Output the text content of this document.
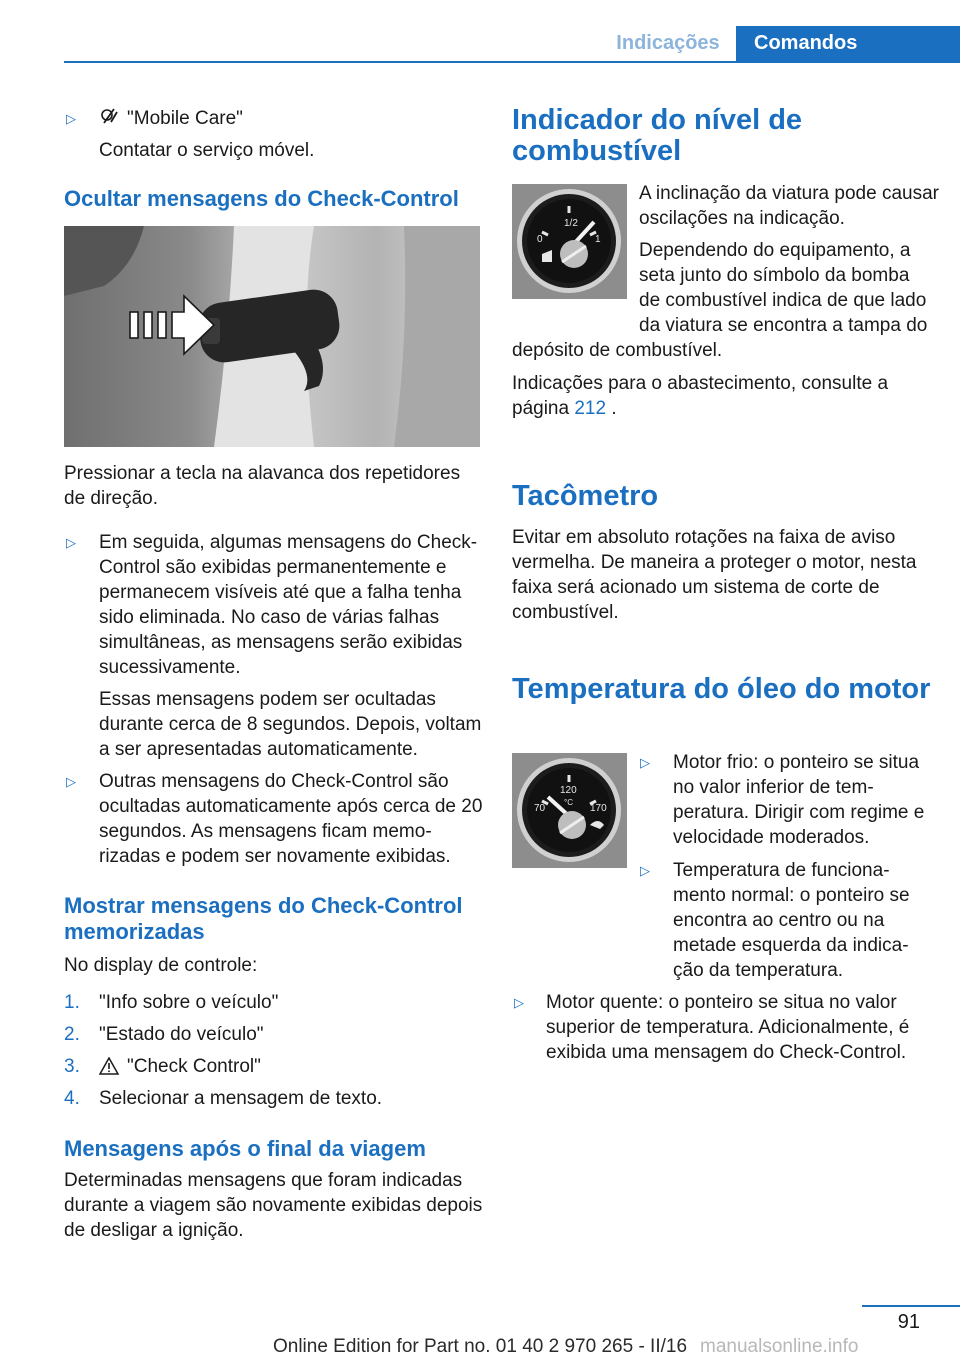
Indicações	Comandos
▷	"Mobile Care"
Contatar o serviço móvel.
Ocultar mensagens do Check-Control
Pressionar a tecla na alavanca dos repetidores de direção.
▷ Em seguida, algumas mensagens do Check-Control são exibidas permanentemente e permanecem visíveis até que a falha tenha sido eliminada. No caso de várias falhas simultâneas, as mensagens serão exibidas sucessivamente.
Essas mensagens podem ser ocultadas durante cerca de 8 segundos. Depois, voltam a ser apresentadas automaticamente.
▷ Outras mensagens do Check-Control são ocultadas automaticamente após cerca de 20 segundos. As mensagens ficam memorizadas e podem ser novamente exibidas.
Mostrar mensagens do Check-Control memorizadas
No display de controle:
1. "Info sobre o veículo"
2. "Estado do veículo"
3. "Check Control"
4. Selecionar a mensagem de texto.
Mensagens após o final da viagem
Determinadas mensagens que foram indicadas durante a viagem são novamente exibidas depois de desligar a ignição.
Indicador do nível de combustível
0
1/2
1
A inclinação da viatura pode causar oscilações na indicação.
Dependendo do equipamento, a seta junto do símbolo da bomba de combustível indica de que lado da viatura se encontra a tampa do depósito de combustível.
Indicações para o abastecimento, consulte a página 212 .
Tacômetro
Evitar em absoluto rotações na faixa de aviso vermelha. De maneira a proteger o motor, nesta faixa será acionado um sistema de corte de combustível.
Temperatura do óleo do motor
70
120
°C
170
▷ Motor frio: o ponteiro se situa no valor inferior de temperatura. Dirigir com regime e velocidade moderados.
▷ Temperatura de funcionamento normal: o ponteiro se encontra ao centro ou na metade esquerda da indicação da temperatura.
▷ Motor quente: o ponteiro se situa no valor superior de temperatura. Adicionalmente, é exibida uma mensagem do Check-Control.
91
Online Edition for Part no. 01 40 2 970 265 - II/16 manualsonline.info
